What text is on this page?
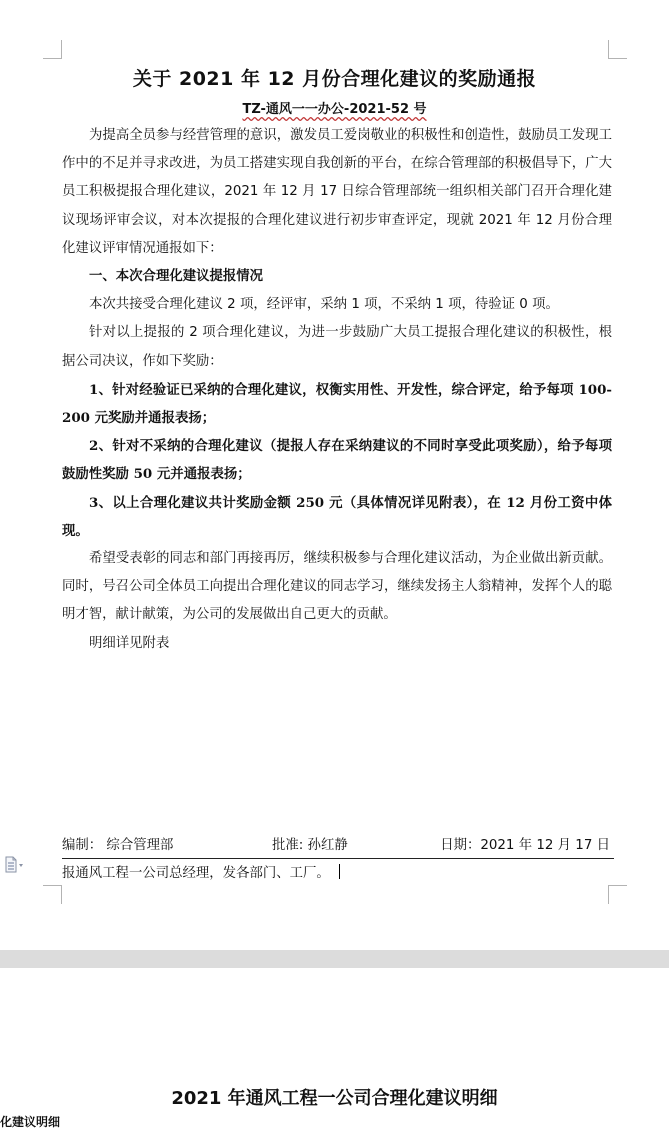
关于 2021 年 12 月份合理化建议的奖励通报
TZ-通风一一办公-2021-52 号

为提高全员参与经营管理的意识，激发员工爱岗敬业的积极性和创造性，鼓励员工发现工作中的不足并寻求改进，为员工搭建实现自我创新的平台，在综合管理部的积极倡导下，广大员工积极提报合理化建议，2021 年 12 月 17 日综合管理部统一组织相关部门召开合理化建议现场评审会议，对本次提报的合理化建议进行初步审查评定，现就 2021 年 12 月份合理化建议评审情况通报如下：

一、本次合理化建议提报情况

本次共接受合理化建议 2 项，经评审，采纳 1 项，不采纳 1 项，待验证 0 项。

针对以上提报的 2 项合理化建议，为进一步鼓励广大员工提报合理化建议的积极性，根据公司决议，作如下奖励：

1、针对经验证已采纳的合理化建议，权衡实用性、开发性，综合评定，给予每项 100-200 元奖励并通报表扬；

2、针对不采纳的合理化建议（提报人存在采纳建议的不同时享受此项奖励），给予每项鼓励性奖励 50 元并通报表扬；

3、以上合理化建议共计奖励金额 250 元（具体情况详见附表），在 12 月份工资中体现。

希望受表彰的同志和部门再接再厉，继续积极参与合理化建议活动，为企业做出新贡献。同时，号召公司全体员工向提出合理化建议的同志学习，继续发扬主人翁精神，发挥个人的聪明才智，献计献策，为公司的发展做出自己更大的贡献。

明细详见附表

编制： 综合管理部	批准: 孙红静	日期：2021 年 12 月 17 日
报通风工程一公司总经理，发各部门、工厂。
2021 年通风工程一公司合理化建议明细
化建议明细
